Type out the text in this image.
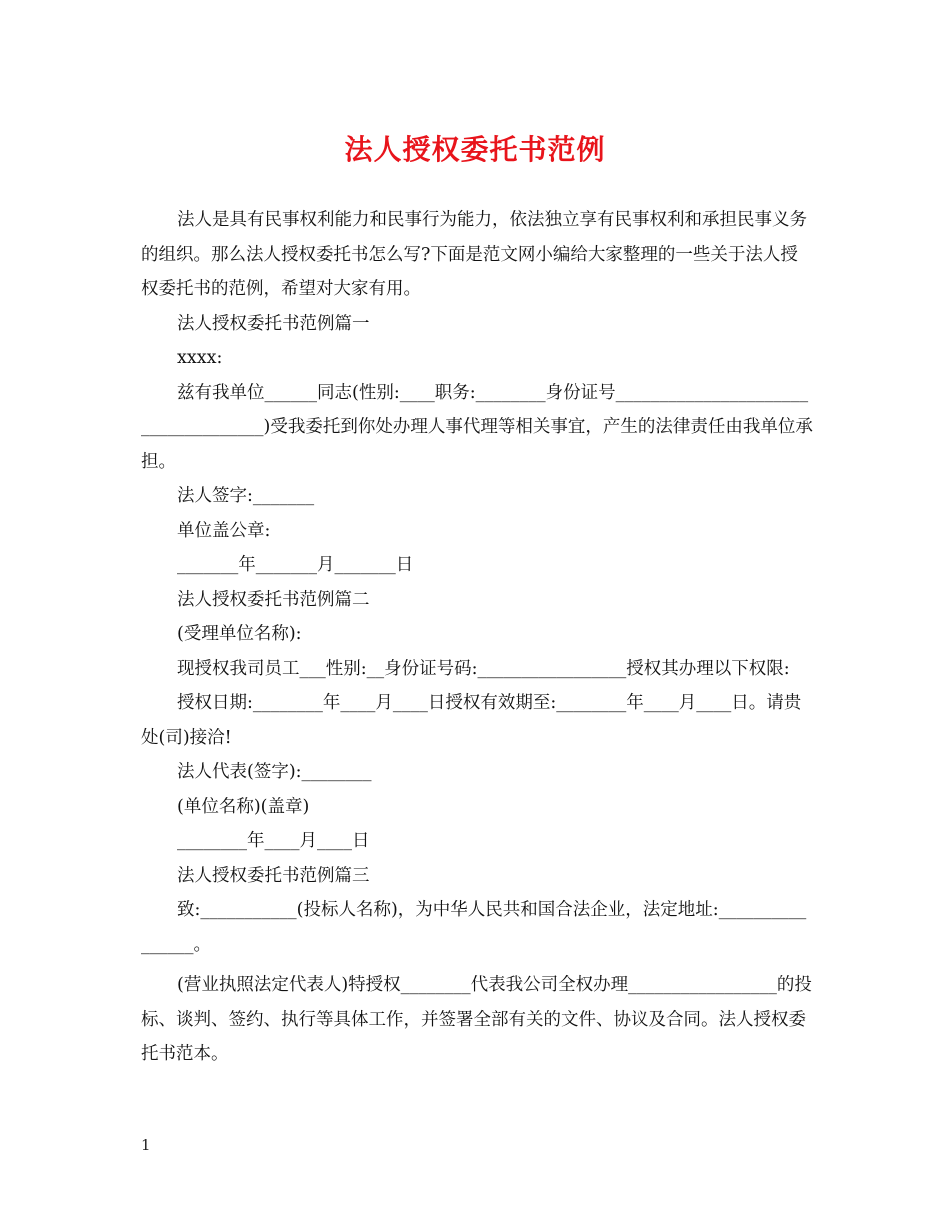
法人授权委托书范例

法人是具有民事权利能力和民事行为能力，依法独立享有民事权利和承担民事义务的组织。那么法人授权委托书怎么写?下面是范文网小编给大家整理的一些关于法人授权委托书的范例，希望对大家有用。

法人授权委托书范例篇一

xxxx:

兹有我单位______同志(性别:____职务:________身份证号____________________________________)受我委托到你处办理人事代理等相关事宜，产生的法律责任由我单位承担。

法人签字:_______

单位盖公章:

_______年_______月_______日

法人授权委托书范例篇二

(受理单位名称):

现授权我司员工___性别:__身份证号码:_________________授权其办理以下权限:

授权日期:________年____月____日授权有效期至:________年____月____日。请贵处(司)接洽!

法人代表(签字):________

(单位名称)(盖章)

________年____月____日

法人授权委托书范例篇三

致:___________(投标人名称)，为中华人民共和国合法企业，法定地址:________________。

(营业执照法定代表人)特授权________代表我公司全权办理_________________的投标、谈判、签约、执行等具体工作，并签署全部有关的文件、协议及合同。法人授权委托书范本。

1
